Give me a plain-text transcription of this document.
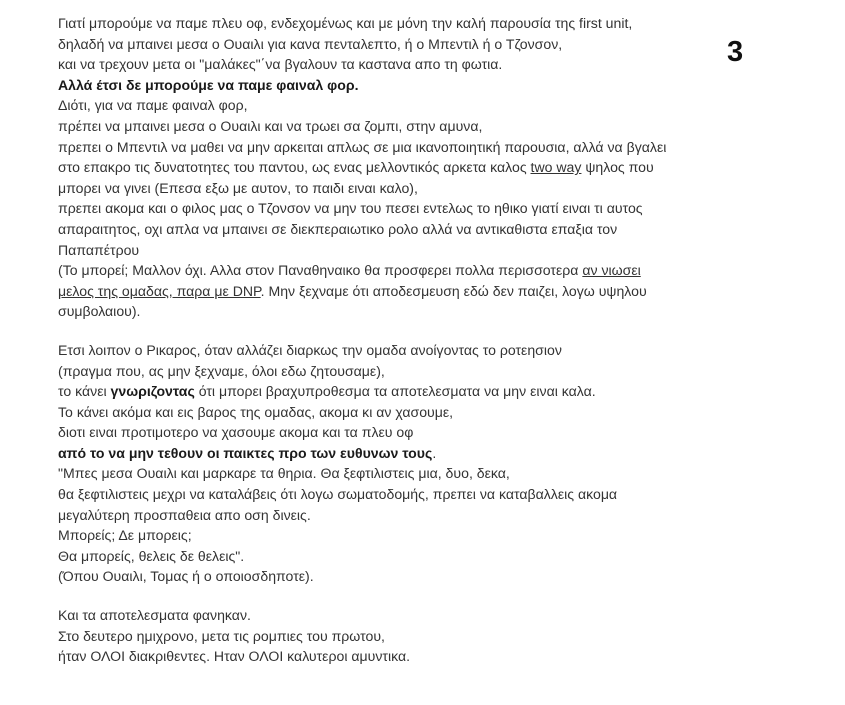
3

Γιατί μπορούμε να παμε πλευ οφ, ενδεχομένως και με μόνη την καλή παρουσία της first unit,
δηλαδή να μπαινει μεσα ο Ουαιλι για κανα πενταλεπτο, ή ο Μπεντιλ ή ο Τζονσον,
και να τρεχουν μετα οι "μαλάκες"΄να βγαλουν τα καστανα απο τη φωτια.
Αλλά έτσι δε μπορούμε να παμε φαιναλ φορ.
Διότι, για να παμε φαιναλ φορ,
πρέπει να μπαινει μεσα ο Ουαιλι και να τρωει σα ζομπι, στην αμυνα,
πρεπει ο Μπεντιλ να μαθει να μην αρκειται απλως σε μια ικανοποιητική παρουσια, αλλά να βγαλει στο επακρο τις δυνατοτητες του παντου, ως ενας μελλοντικός αρκετα καλος two way ψηλος που μπορει να γινει (Επεσα εξω με αυτον, το παιδι ειναι καλο),
πρεπει ακομα και ο φιλος μας ο Τζονσον να μην του πεσει εντελως το ηθικο γιατί ειναι τι αυτος απαραιτητος, οχι απλα να μπαινει σε διεκπεραιωτικο ρολο αλλά να αντικαθιστα επαξια τον Παπαπέτρου
(Το μπορεί; Μαλλον όχι. Αλλα στον Παναθηναικο θα προσφερει πολλα περισσοτερα αν νιωσει μελος της ομαδας, παρα με DNP. Μην ξεχναμε ότι αποδεσμευση εδώ δεν παιζει, λογω υψηλου συμβολαιου).

Ετσι λοιπον ο Ρικαρος, όταν αλλάζει διαρκως την ομαδα ανοίγοντας το ροτεησιον
(πραγμα που, ας μην ξεχναμε, όλοι εδω ζητουσαμε),
το κάνει γνωριζοντας ότι μπορει βραχυπροθεσμα τα αποτελεσματα να μην ειναι καλα.
Το κάνει ακόμα και εις βαρος της ομαδας, ακομα κι αν χασουμε,
διοτι ειναι προτιμοτερο να χασουμε ακομα και τα πλευ οφ
από το να μην τεθουν οι παικτες προ των ευθυνων τους.
"Μπες μεσα Ουαιλι και μαρκαρε τα θηρια. Θα ξεφτιλιστεις μια, δυο, δεκα,
θα ξεφτιλιστεις μεχρι να καταλάβεις ότι λογω σωματοδομής, πρεπει να καταβαλλεις ακομα μεγαλύτερη προσπαθεια απο οση δινεις.
Μπορείς; Δε μπορεις;
Θα μπορείς, θελεις δε θελεις".
(Όπου Ουαιλι, Τομας ή ο οποιοσδηποτε).

Και τα αποτελεσματα φανηκαν.
Στο δευτερο ημιχρονο, μετα τις ρομπιες του πρωτου,
ήταν ΟΛΟΙ διακριθεντες. Ηταν ΟΛΟΙ καλυτεροι αμυντικα.
